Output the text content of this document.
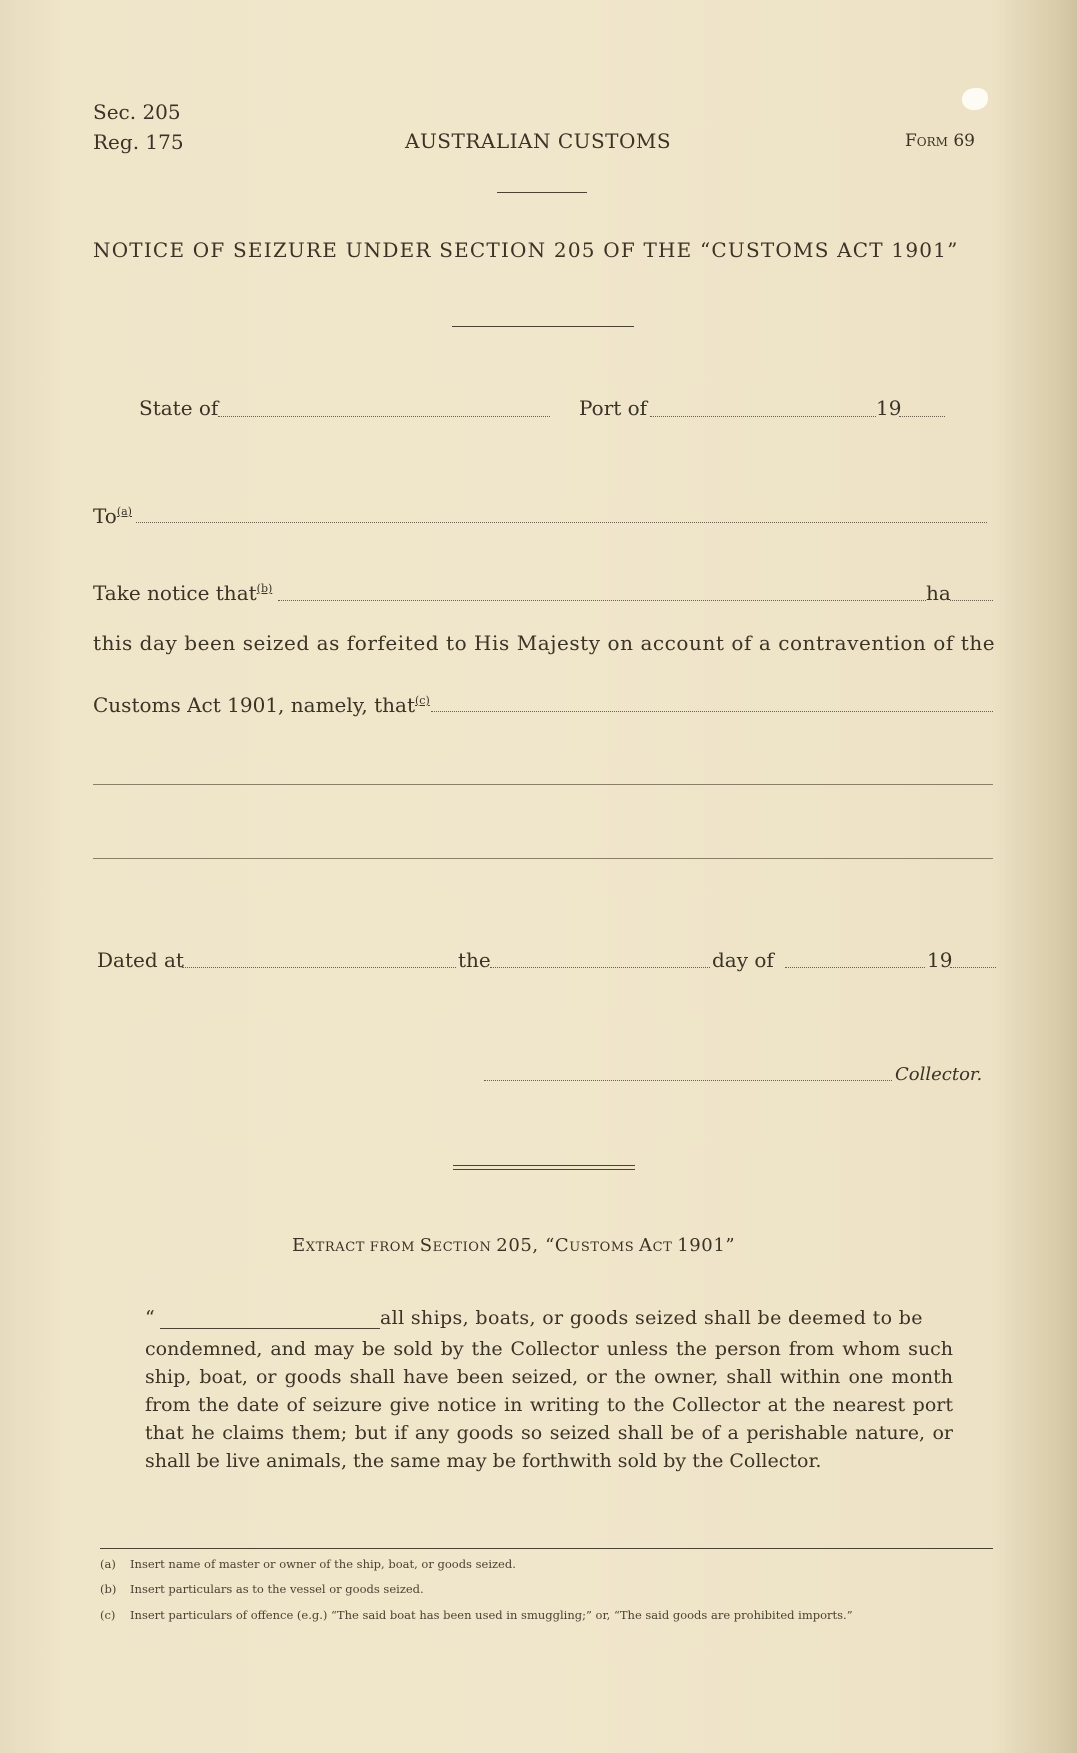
Sec. 205
Reg. 175	AUSTRALIAN CUSTOMS	Form 69
NOTICE OF SEIZURE UNDER SECTION 205 OF THE “CUSTOMS ACT 1901”
State of	Port of	19
To$^{(a)}$
Take notice that$^{(b)}$	ha
this day been seized as forfeited to His Majesty on account of a contravention of the
Customs Act 1901, namely, that$^{(c)}$
Dated at	the	day of	19
Collector.
EXTRACT FROM SECTION 205, “CUSTOMS ACT 1901”
“	all ships, boats, or goods seized shall be deemed to be
condemned, and may be sold by the Collector unless the person from whom such ship, boat, or goods shall have been seized, or the owner, shall within one month from the date of seizure give notice in writing to the Collector at the nearest port that he claims them; but if any goods so seized shall be of a perishable nature, or shall be live animals, the same may be forthwith sold by the Collector.
(a) Insert name of master or owner of the ship, boat, or goods seized.
(b) Insert particulars as to the vessel or goods seized.
(c) Insert particulars of offence (e.g.) “The said boat has been used in smuggling;” or, “The said goods are prohibited imports.”
